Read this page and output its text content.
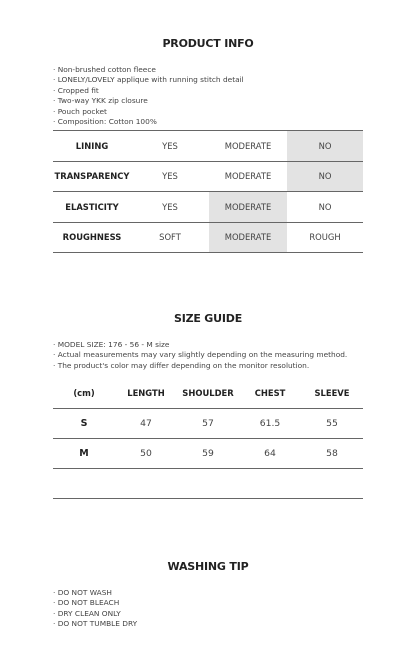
PRODUCT INFO
· Non-brushed cotton fleece
· LONELY/LOVELY applique with running stitch detail
· Cropped fit
· Two-way YKK zip closure
· Pouch pocket
· Composition: Cotton 100%
LINING	YES	MODERATE	NO
TRANSPARENCY	YES	MODERATE	NO
ELASTICITY	YES	MODERATE	NO
ROUGHNESS	SOFT	MODERATE	ROUGH
SIZE GUIDE
· MODEL SIZE: 176 - 56 - M size
· Actual measurements may vary slightly depending on the measuring method.
· The product's color may differ depending on the monitor resolution.
(cm)	LENGTH	SHOULDER	CHEST	SLEEVE
S	47	57	61.5	55
M	50	59	64	58

WASHING TIP
· DO NOT WASH
· DO NOT BLEACH
· DRY CLEAN ONLY
· DO NOT TUMBLE DRY
